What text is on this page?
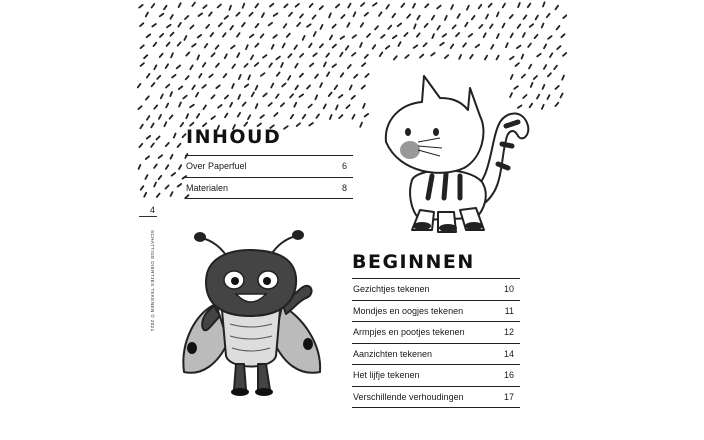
4
SCHATTIGE DIERTJES TEKENEN © 2021
INHOUD
Over Paperfuel	6
Materialen	8
BEGINNEN
Gezichtjes tekenen	10
Mondjes en oogjes tekenen	11
Armpjes en pootjes tekenen	12
Aanzichten tekenen	14
Het lijfje tekenen	16
Verschillende verhoudingen	17
